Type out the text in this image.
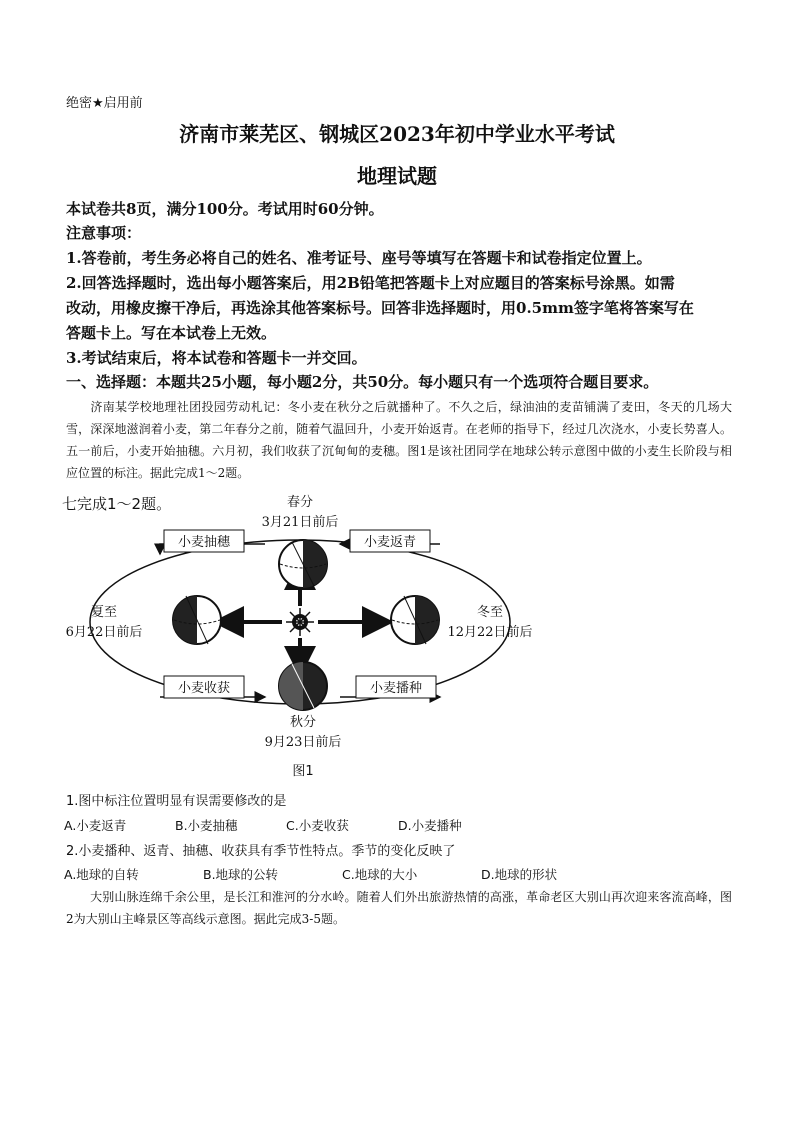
绝密★启用前
济南市莱芜区、钢城区2023年初中学业水平考试
地理试题
本试卷共8页，满分100分。考试用时60分钟。
注意事项：
1.答卷前，考生务必将自己的姓名、准考证号、座号等填写在答题卡和试卷指定位置上。
2.回答选择题时，选出每小题答案后，用2B铅笔把答题卡上对应题目的答案标号涂黑。如需
改动，用橡皮擦干净后，再选涂其他答案标号。回答非选择题时，用0.5mm签字笔将答案写在
答题卡上。写在本试卷上无效。
3.考试结束后，将本试卷和答题卡一并交回。
一、选择题：本题共25小题，每小题2分，共50分。每小题只有一个选项符合题目要求。
济南某学校地理社团投园劳动札记：冬小麦在秋分之后就播种了。不久之后，绿油油的麦苗铺满了麦田，冬天的几场大雪，深深地滋润着小麦，第二年春分之前，随着气温回升，小麦开始返青。在老师的指导下，经过几次浇水，小麦长势喜人。五一前后，小麦开始抽穗。六月初，我们收获了沉甸甸的麦穗。图1是该社团同学在地球公转示意图中做的小麦生长阶段与相应位置的标注。据此完成1～2题。
七完成1～2题。
小麦抽穗	小麦返青
小麦收获	小麦播种
春分
3月21日前后
夏至
6月22日前后
冬至
12月22日前后
秋分
9月23日前后
图1
1.图中标注位置明显有误需要修改的是
A.小麦返青	B.小麦抽穗	C.小麦收获	D.小麦播种
2.小麦播种、返青、抽穗、收获具有季节性特点。季节的变化反映了
A.地球的自转	B.地球的公转	C.地球的大小	D.地球的形状
大别山脉连绵千余公里，是长江和淮河的分水岭。随着人们外出旅游热情的高涨，革命老区大别山再次迎来客流高峰，图2为大别山主峰景区等高线示意图。据此完成3-5题。
